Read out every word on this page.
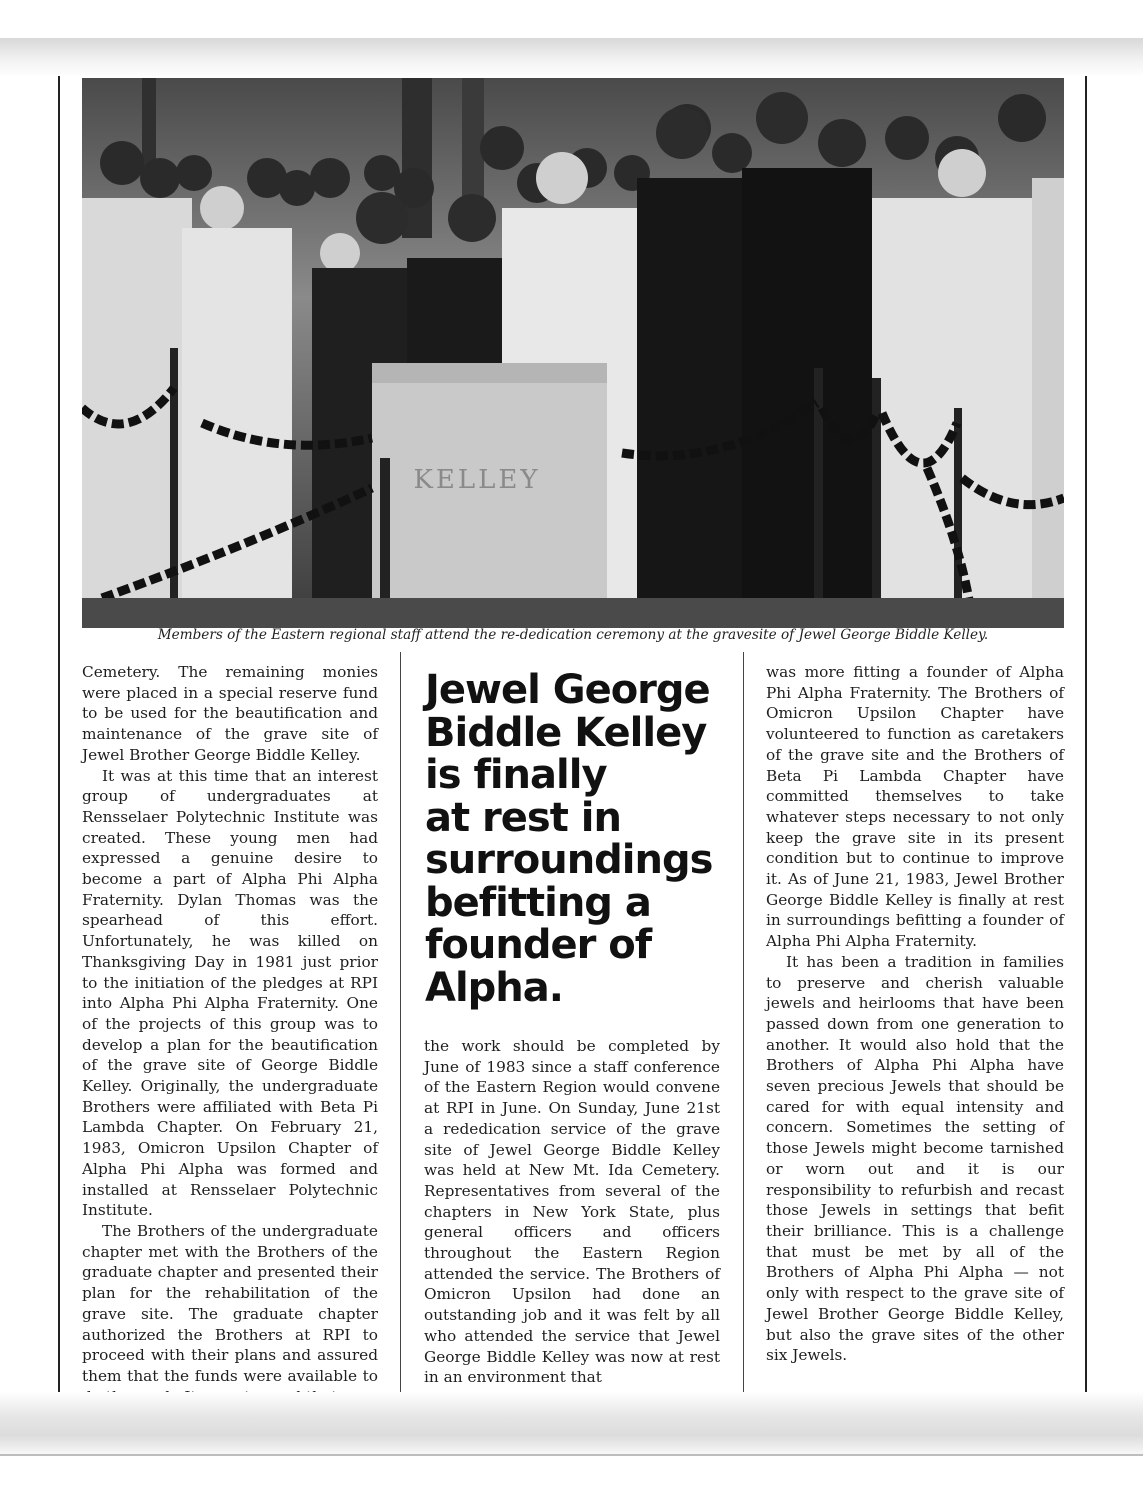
KELLEY
Members of the Eastern regional staff attend the re-dedication ceremony at the gravesite of Jewel George Biddle Kelley.

Cemetery. The remaining monies were placed in a special reserve fund to be used for the beautification and maintenance of the grave site of Jewel Brother George Biddle Kelley.

It was at this time that an interest group of undergraduates at Rensselaer Polytechnic Institute was created. These young men had expressed a genuine desire to become a part of Alpha Phi Alpha Fraternity. Dylan Thomas was the spearhead of this effort. Unfortunately, he was killed on Thanksgiving Day in 1981 just prior to the initiation of the pledges at RPI into Alpha Phi Alpha Fraternity. One of the projects of this group was to develop a plan for the beautification of the grave site of George Biddle Kelley. Originally, the undergraduate Brothers were affiliated with Beta Pi Lambda Chapter. On February 21, 1983, Omicron Upsilon Chapter of Alpha Phi Alpha was formed and installed at Rensselaer Polytechnic Institute.

The Brothers of the undergraduate chapter met with the Brothers of the graduate chapter and presented their plan for the rehabilitation of the grave site. The graduate chapter authorized the Brothers at RPI to proceed with their plans and assured them that the funds were available to

Jewel George
Biddle Kelley
is finally
at rest in
surroundings
befitting a
founder of
Alpha.

the work should be completed by June of 1983 since a staff conference of the Eastern Region would convene at RPI in June. On Sunday, June 21st a rededication service of the grave site of Jewel George Biddle Kelley was held at New Mt. Ida Cemetery. Representatives from several of the chapters in New York State, plus general officers and officers throughout the Eastern Region attended the service. The Brothers of Omicron Upsilon had done an outstanding job and it was felt by all who attended the service that Jewel George Biddle Kelley was now at rest in an environment that

was more fitting a founder of Alpha Phi Alpha Fraternity. The Brothers of Omicron Upsilon Chapter have volunteered to function as caretakers of the grave site and the Brothers of Beta Pi Lambda Chapter have committed themselves to take whatever steps necessary to not only keep the grave site in its present condition but to continue to improve it. As of June 21, 1983, Jewel Brother George Biddle Kelley is finally at rest in surroundings befitting a founder of Alpha Phi Alpha Fraternity.

It has been a tradition in families to preserve and cherish valuable jewels and heirlooms that have been passed down from one generation to another. It would also hold that the Brothers of Alpha Phi Alpha have seven precious Jewels that should be cared for with equal intensity and concern. Sometimes the setting of those Jewels might become tarnished or worn out and it is our responsibility to refurbish and recast those Jewels in settings that befit their brilliance. This is a challenge that must be met by all of the Brothers of Alpha Phi Alpha — not only with respect to the grave site of Jewel Brother George Biddle Kelley, but also the grave sites of the other six Jewels.
